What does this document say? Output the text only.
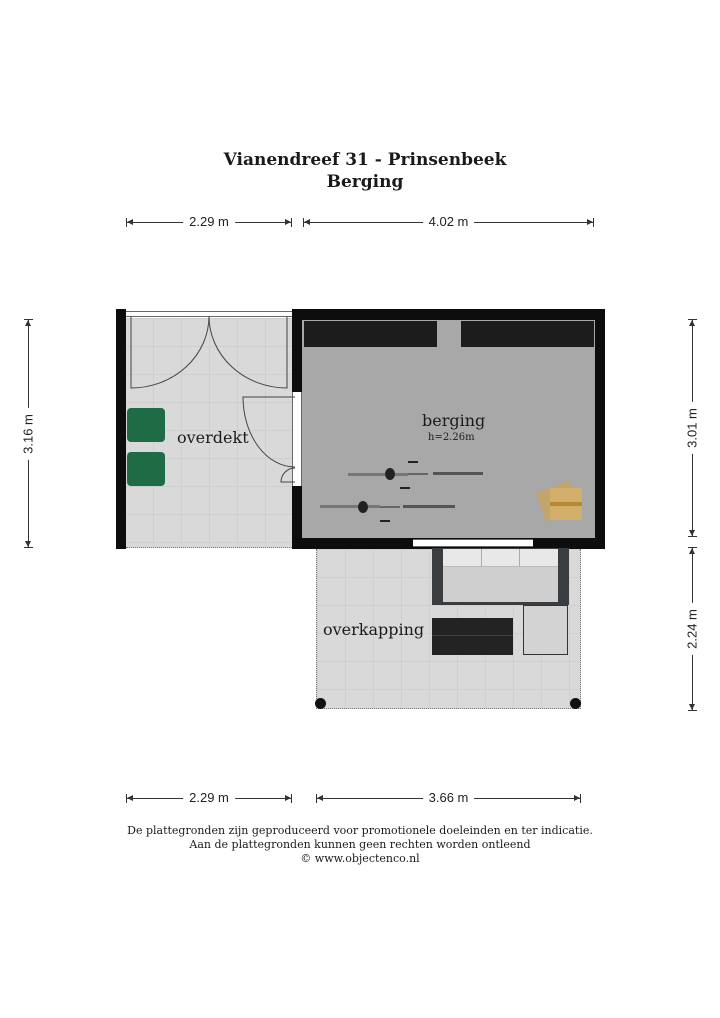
Vianendreef 31 - Prinsenbeek
Berging
2.29 m	4.02 m
3.16 m	3.01 m
2.24 m
overdekt
berging
h=2.26m
overkapping
2.29 m	3.66 m
De plattegronden zijn geproduceerd voor promotionele doeleinden en ter indicatie.
Aan de plattegronden kunnen geen rechten worden ontleend
© www.objectenco.nl
